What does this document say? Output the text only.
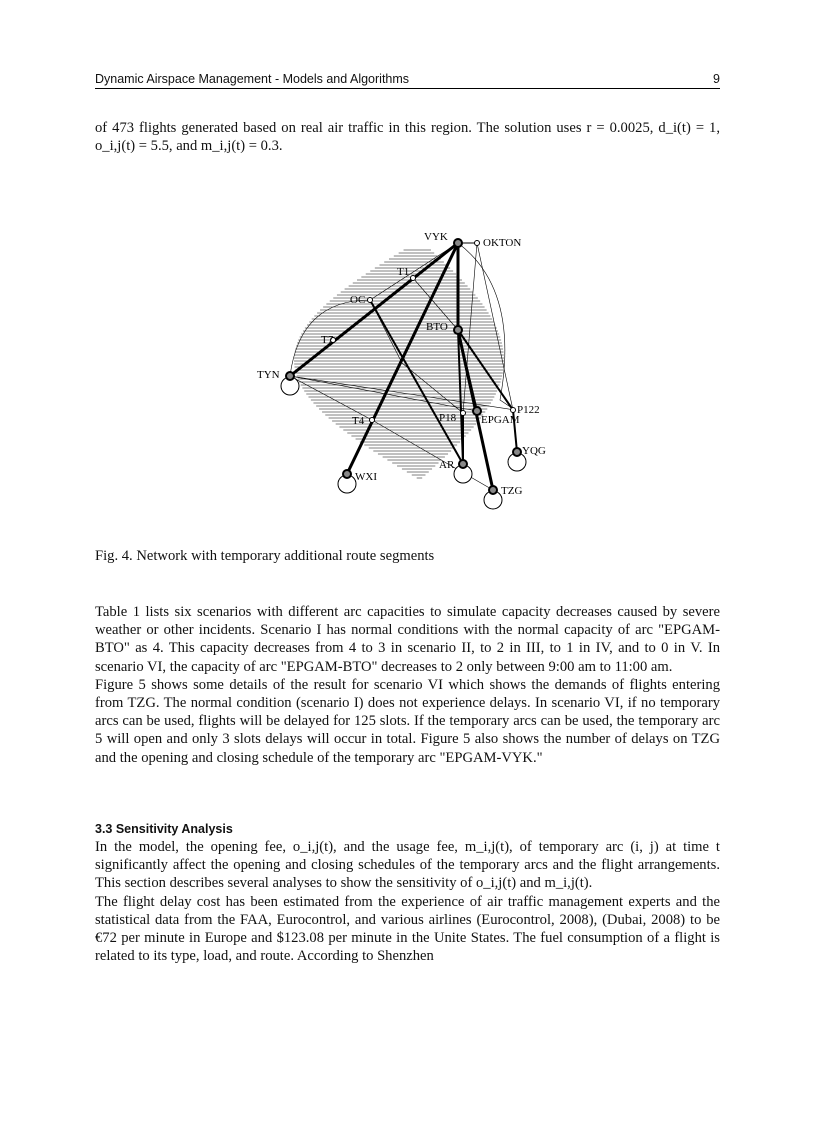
Dynamic Airspace Management - Models and Algorithms	9

of 473 flights generated based on real air traffic in this region. The solution uses r = 0.0025, d_i(t) = 1, o_i,j(t) = 5.5, and m_i,j(t) = 0.3.

VYK	OKTON
T1
OC
BTO
T7
TYN
T4	P18 EPGAM
P122
YQG
AR
WXI
TZG
Fig. 4. Network with temporary additional route segments

Table 1 lists six scenarios with different arc capacities to simulate capacity decreases caused by severe weather or other incidents. Scenario I has normal conditions with the normal capacity of arc "EPGAM-BTO" as 4. This capacity decreases from 4 to 3 in scenario II, to 2 in III, to 1 in IV, and to 0 in V. In scenario VI, the capacity of arc "EPGAM-BTO" decreases to 2 only between 9:00 am to 11:00 am.

Figure 5 shows some details of the result for scenario VI which shows the demands of flights entering from TZG. The normal condition (scenario I) does not experience delays. In scenario VI, if no temporary arcs can be used, flights will be delayed for 125 slots. If the temporary arcs can be used, the temporary arc 5 will open and only 3 slots delays will occur in total. Figure 5 also shows the number of delays on TZG and the opening and closing schedule of the temporary arc "EPGAM-VYK."

3.3 Sensitivity Analysis

In the model, the opening fee, o_i,j(t), and the usage fee, m_i,j(t), of temporary arc (i, j) at time t significantly affect the opening and closing schedules of the temporary arcs and the flight arrangements. This section describes several analyses to show the sensitivity of o_i,j(t) and m_i,j(t).

The flight delay cost has been estimated from the experience of air traffic management experts and the statistical data from the FAA, Eurocontrol, and various airlines (Eurocontrol, 2008), (Dubai, 2008) to be €72 per minute in Europe and $123.08 per minute in the Unite States. The fuel consumption of a flight is related to its type, load, and route. According to Shenzhen
